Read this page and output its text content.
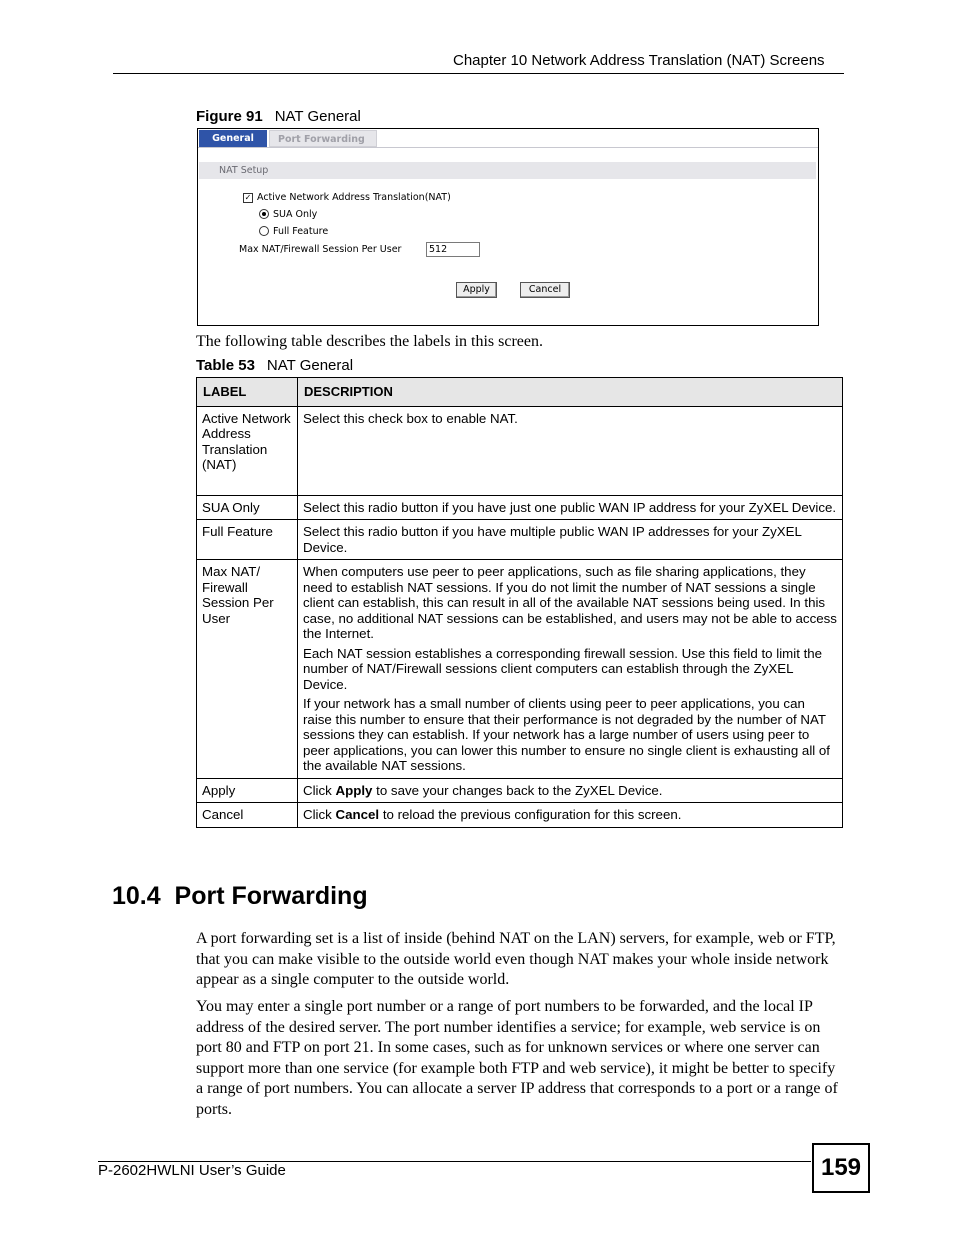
Chapter 10 Network Address Translation (NAT) Screens
Figure 91 NAT General
General	Port Forwarding
NAT Setup
✓ Active Network Address Translation(NAT)
SUA Only
Full Feature
Max NAT/Firewall Session Per User	512
Apply	Cancel
The following table describes the labels in this screen.
Table 53 NAT General
LABEL	DESCRIPTION
Active Network Address Translation (NAT)	Select this check box to enable NAT.

SUA Only	Select this radio button if you have just one public WAN IP address for your ZyXEL Device.

Full Feature	Select this radio button if you have multiple public WAN IP addresses for your ZyXEL Device.

Max NAT/ Firewall Session Per User	When computers use peer to peer applications, such as file sharing applications, they need to establish NAT sessions. If you do not limit the number of NAT sessions a single client can establish, this can result in all of the available NAT sessions being used. In this case, no additional NAT sessions can be established, and users may not be able to access the Internet.

Each NAT session establishes a corresponding firewall session. Use this field to limit the number of NAT/Firewall sessions client computers can establish through the ZyXEL Device.

If your network has a small number of clients using peer to peer applications, you can raise this number to ensure that their performance is not degraded by the number of NAT sessions they can establish. If your network has a large number of users using peer to peer applications, you can lower this number to ensure no single client is exhausting all of the available NAT sessions.

Apply	Click Apply to save your changes back to the ZyXEL Device.
Cancel	Click Cancel to reload the previous configuration for this screen.
10.4  Port Forwarding
A port forwarding set is a list of inside (behind NAT on the LAN) servers, for example, web or FTP, that you can make visible to the outside world even though NAT makes your whole inside network appear as a single computer to the outside world.
You may enter a single port number or a range of port numbers to be forwarded, and the local IP address of the desired server. The port number identifies a service; for example, web service is on port 80 and FTP on port 21. In some cases, such as for unknown services or where one server can support more than one service (for example both FTP and web service), it might be better to specify a range of port numbers. You can allocate a server IP address that corresponds to a port or a range of ports.
P-2602HWLNI User’s Guide	159
